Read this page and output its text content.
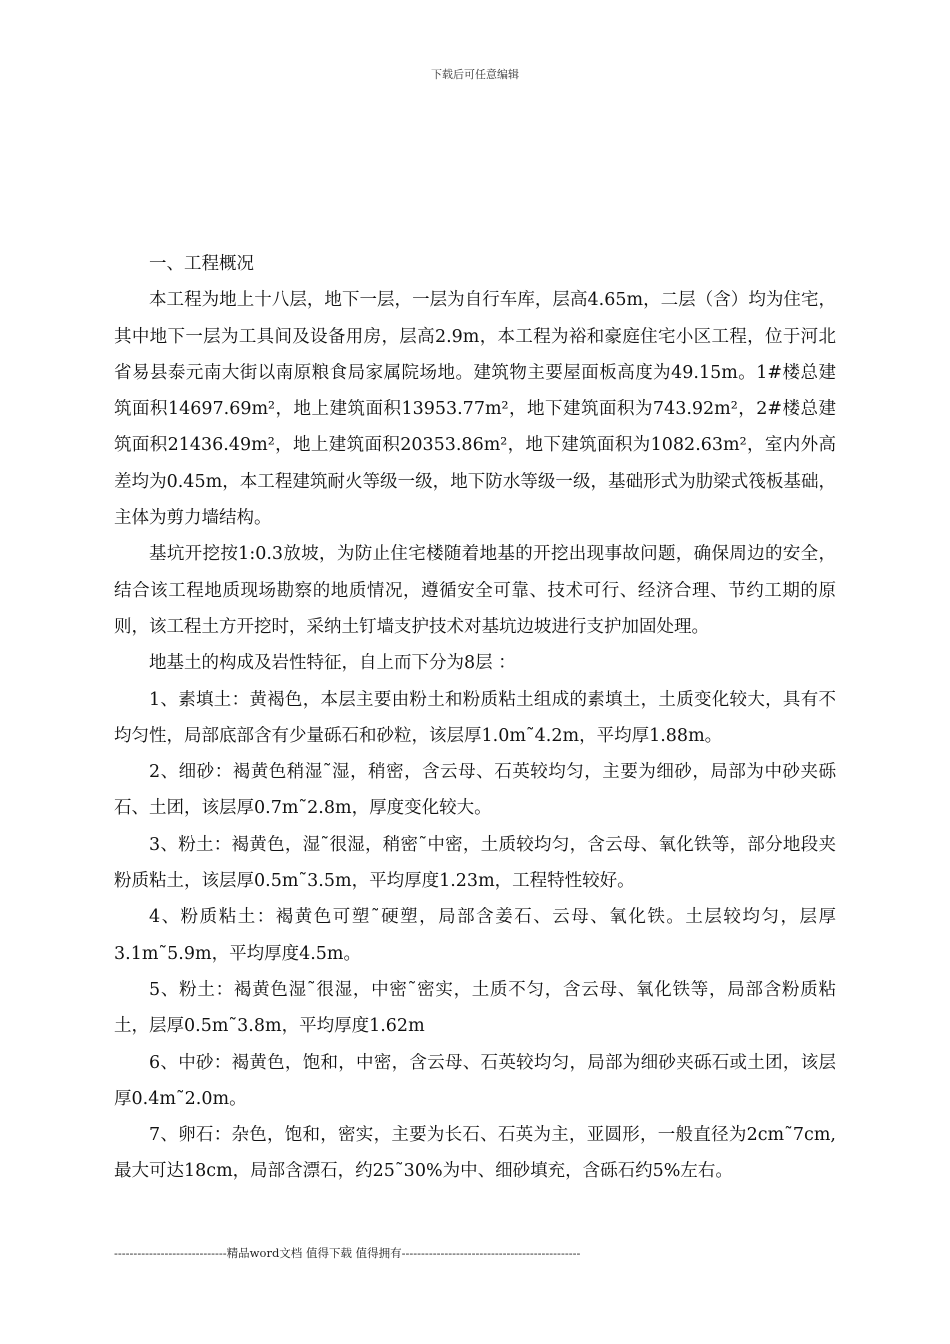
下载后可任意编辑

一、工程概况

本工程为地上十八层，地下一层，一层为自行车库，层高4.65m，二层（含）均为住宅，其中地下一层为工具间及设备用房，层高2.9m，本工程为裕和豪庭住宅小区工程，位于河北省易县泰元南大街以南原粮食局家属院场地。建筑物主要屋面板高度为49.15m。1#楼总建筑面积14697.69m²，地上建筑面积13953.77m²，地下建筑面积为743.92m²，2#楼总建筑面积21436.49m²，地上建筑面积20353.86m²，地下建筑面积为1082.63m²，室内外高差均为0.45m，本工程建筑耐火等级一级，地下防水等级一级，基础形式为肋梁式筏板基础，主体为剪力墙结构。

基坑开挖按1:0.3放坡，为防止住宅楼随着地基的开挖出现事故问题，确保周边的安全，结合该工程地质现场勘察的地质情况，遵循安全可靠、技术可行、经济合理、节约工期的原则，该工程土方开挖时，采纳土钉墙支护技术对基坑边坡进行支护加固处理。

地基土的构成及岩性特征，自上而下分为8层 ：

1、素填土：黄褐色，本层主要由粉土和粉质粘土组成的素填土，土质变化较大，具有不均匀性，局部底部含有少量砾石和砂粒，该层厚1.0m˜4.2m，平均厚1.88m。

2、细砂：褐黄色稍湿˜湿，稍密，含云母、石英较均匀，主要为细砂，局部为中砂夹砾石、土团，该层厚0.7m˜2.8m，厚度变化较大。

3、粉土：褐黄色，湿˜很湿，稍密˜中密，土质较均匀，含云母、氧化铁等，部分地段夹粉质粘土，该层厚0.5m˜3.5m，平均厚度1.23m，工程特性较好。

4、粉质粘土：褐黄色可塑˜硬塑，局部含姜石、云母、氧化铁。土层较均匀，层厚3.1m˜5.9m，平均厚度4.5m。

5、粉土：褐黄色湿˜很湿，中密˜密实，土质不匀，含云母、氧化铁等，局部含粉质粘土，层厚0.5m˜3.8m，平均厚度1.62m

6、中砂：褐黄色，饱和，中密，含云母、石英较均匀，局部为细砂夹砾石或土团，该层厚0.4m˜2.0m。

7、卵石：杂色，饱和，密实，主要为长石、石英为主，亚圆形，一般直径为2cm˜7cm,最大可达18cm，局部含漂石，约25˜30%为中、细砂填充，含砾石约5%左右。

-----------------------------精品word文档 值得下载 值得拥有----------------------------------------------
